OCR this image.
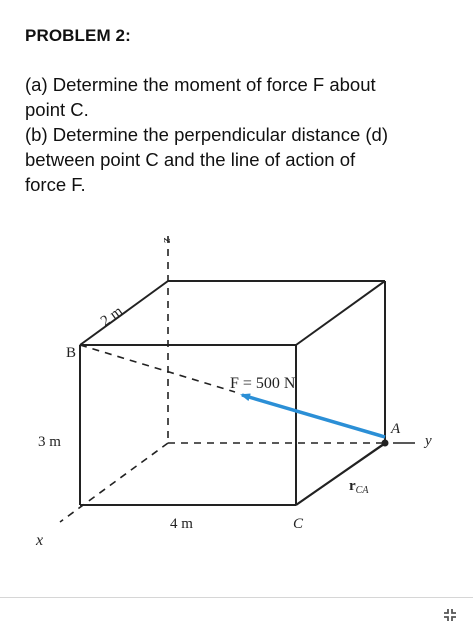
PROBLEM 2:
(a) Determine the moment of force F about
point C.
(b) Determine the perpendicular distance (d)
between point C and the line of action of
force F.
z
B
2 m
3 m
x
4 m	C
F = 500 N
A
y
$r_{CA}$
